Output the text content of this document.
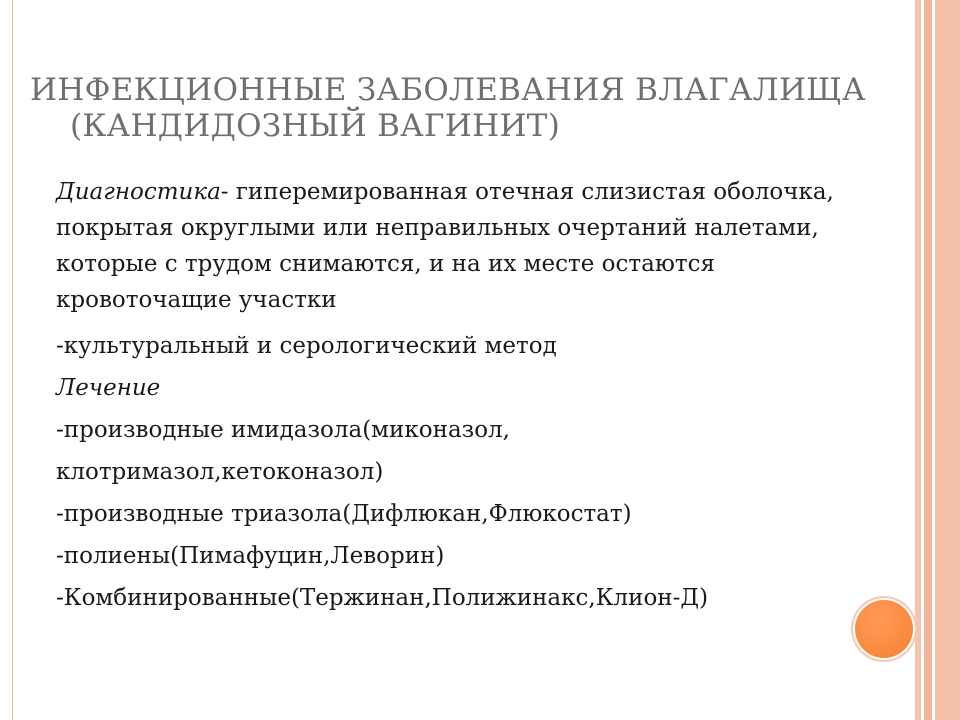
ИНФЕКЦИОННЫЕ ЗАБОЛЕВАНИЯ ВЛАГАЛИЩА
(КАНДИДОЗНЫЙ ВАГИНИТ)
Диагностика- гиперемированная отечная слизистая оболочка, покрытая округлыми или неправильных очертаний налетами, которые с трудом снимаются, и на их месте остаются кровоточащие участки
-культуральный и серологический метод
Лечение
-производные имидазола(миконазол,
клотримазол,кетоконазол)
-производные триазола(Дифлюкан,Флюкостат)
-полиены(Пимафуцин,Леворин)
-Комбинированные(Тержинан,Полижинакс,Клион-Д)
